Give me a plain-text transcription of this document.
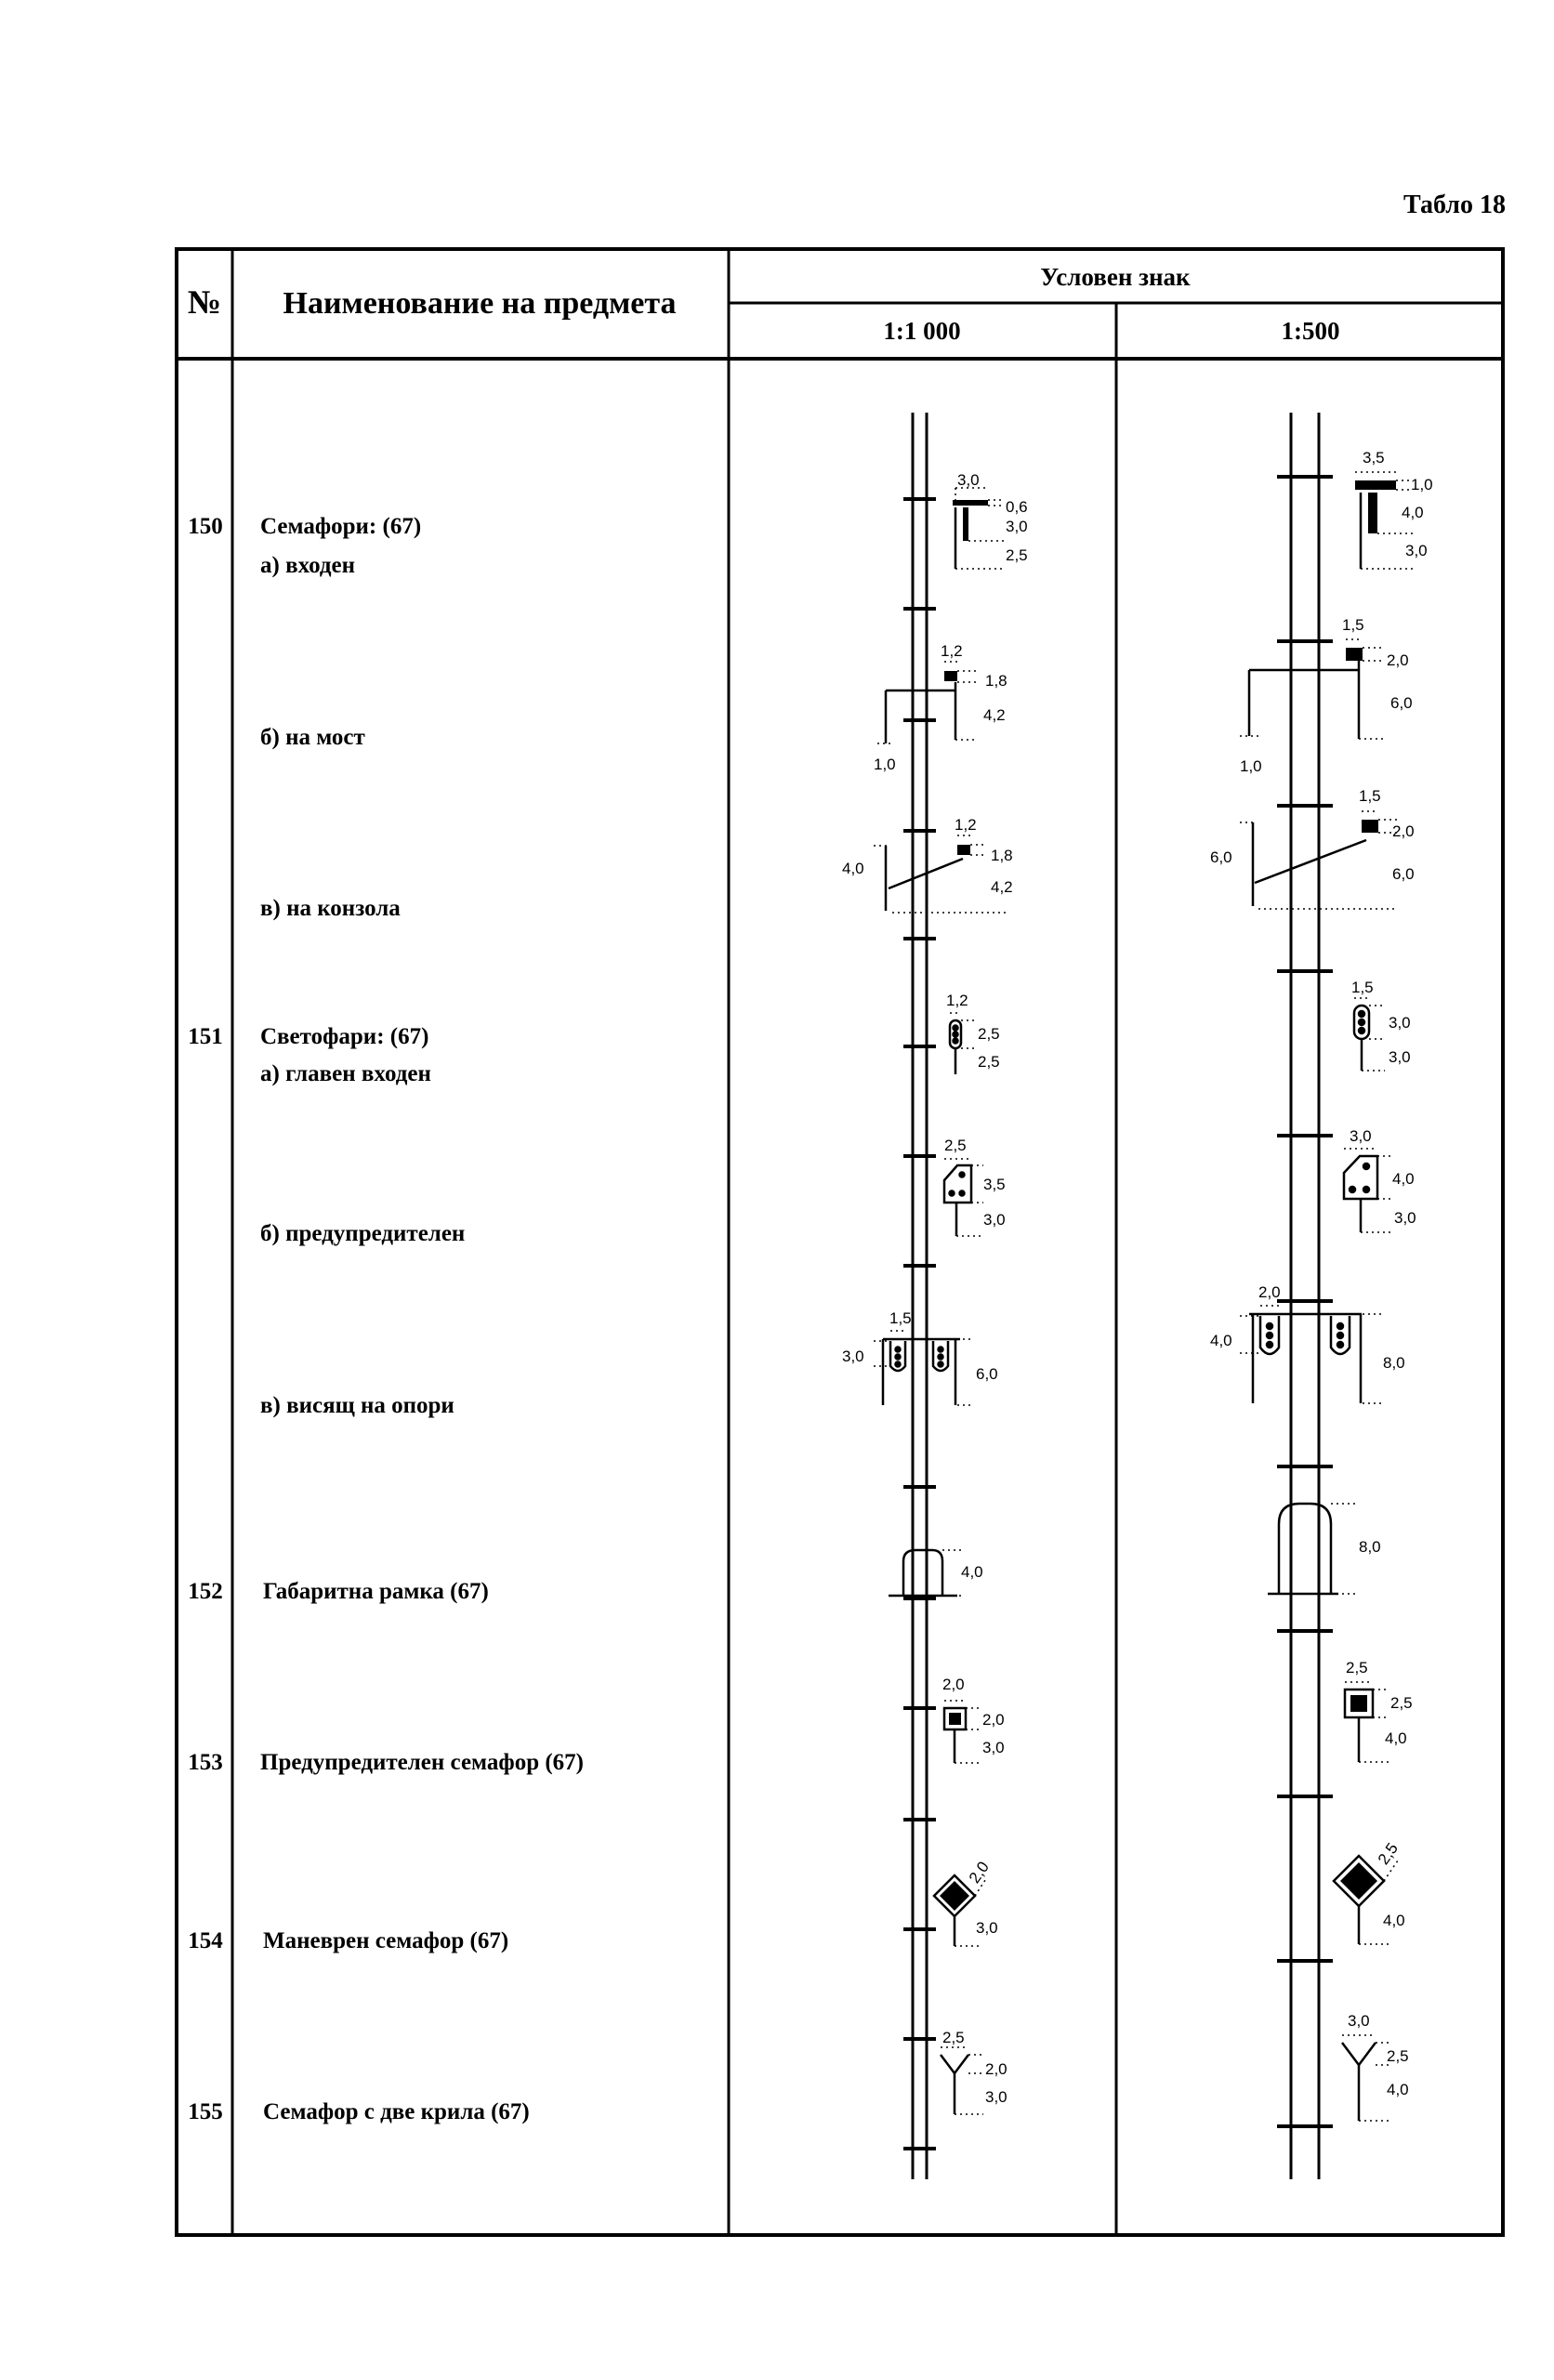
Табло 18
№ Наименование на предмета
Условен знак
1:1 000	1:500
150 Семафори: (67)
а) входен
б) на мост
в) на конзола
151 Светофари: (67)
а) главен входен
б) предупредителен
в) висящ на опори
152 Габаритна рамка (67)
153 Предупредителен семафор (67)
154 Маневрен семафор (67)
155 Семафор с две крила (67)
3,0
0,6
3,0
2,5
1,2
1,8
4,2
1,0
1,2
1,8
4,2
4,0
1,2
2,5
2,5
2,5
3,5
3,0
1,5
3,0
6,0
4,0
2,0
2,0
3,0
2,0
3,0
2,5
2,0
3,0
3,5
1,0
4,0
3,0
1,5
2,0
6,0
1,0
1,5
2,0
6,0
6,0
1,5
3,0
3,0
3,0
4,0
3,0
2,0
4,0
8,0
8,0
2,5
2,5
4,0
2,5
4,0
3,0
2,5
4,0
